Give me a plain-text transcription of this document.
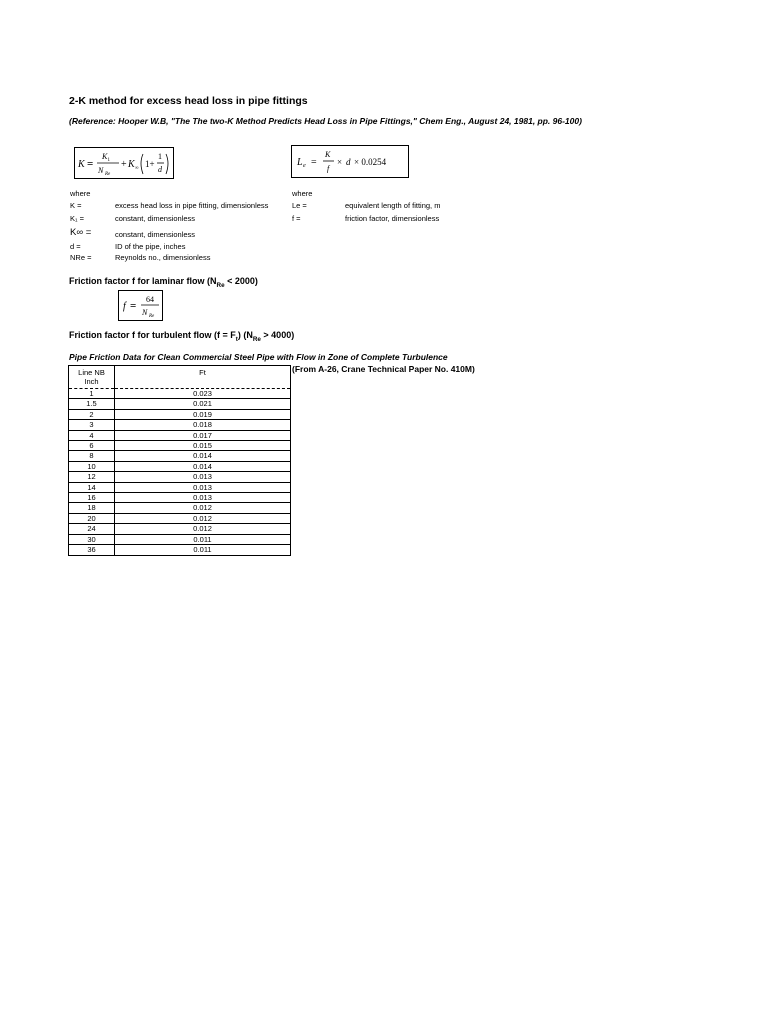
2-K method for excess head loss in pipe fittings
(Reference: Hooper W.B, "The The two-K Method Predicts Head Loss in Pipe Fittings," Chem Eng., August 24, 1981, pp. 96-100)
K =
K 1
N Re
+ K ∞ 1+
1
d
L e =
K
f
× d × 0.0254
where
K =	excess head loss in pipe fitting, dimensionless
K₁ =	constant, dimensionless
K∞ =	constant, dimensionless
d =	ID of the pipe, inches
NRe =	Reynolds no., dimensionless
where
Le =	equivalent length of fitting, m
f =	friction factor, dimensionless
Friction factor f for laminar flow $(N_{Re} < 2000)$
f =
64
N Re
Friction factor f for turbulent flow $(f = F_t)$ $(N_{Re} > 4000)$
Pipe Friction Data for Clean Commercial Steel Pipe with Flow in Zone of Complete Turbulence
(From A-26, Crane Technical Paper No. 410M)
Line NB
Inch	Ft
1	0.023
1.5	0.021
2	0.019
3	0.018
4	0.017
6	0.015
8	0.014
10	0.014
12	0.013
14	0.013
16	0.013
18	0.012
20	0.012
24	0.012
30	0.011
36	0.011
